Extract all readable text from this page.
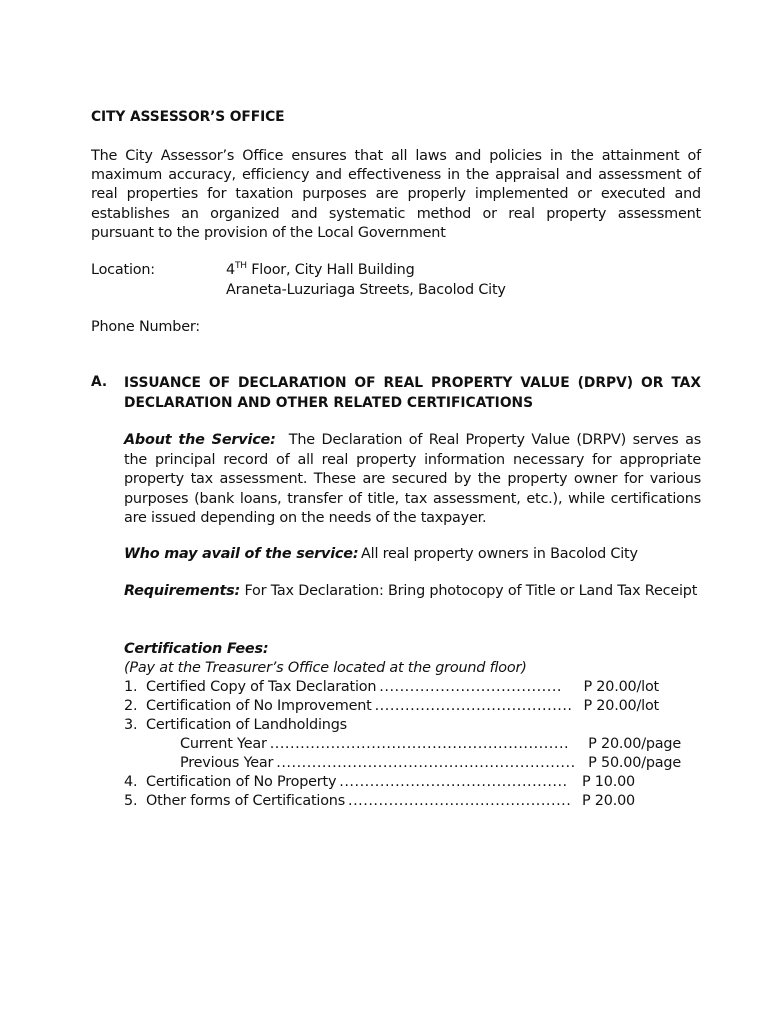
CITY ASSESSOR’S OFFICE
The City Assessor’s Office ensures that all laws and policies in the attainment of maximum accuracy, efficiency and effectiveness in the appraisal and assessment of real properties for taxation purposes are properly implemented or executed and establishes an organized and systematic method or real property assessment pursuant to the provision of the Local Government
Location:	4TH Floor, City Hall Building
Araneta-Luzuriaga Streets, Bacolod City
Phone Number:
A. ISSUANCE OF DECLARATION OF REAL PROPERTY VALUE (DRPV) OR TAX DECLARATION AND OTHER RELATED CERTIFICATIONS
About the Service: The Declaration of Real Property Value (DRPV) serves as the principal record of all real property information necessary for appropriate property tax assessment. These are secured by the property owner for various purposes (bank loans, transfer of title, tax assessment, etc.), while certifications are issued depending on the needs of the taxpayer.
Who may avail of the service: All real property owners in Bacolod City
Requirements: For Tax Declaration: Bring photocopy of Title or Land Tax Receipt
Certification Fees:
(Pay at the Treasurer’s Office located at the ground floor)
1. Certified Copy of Tax Declaration ....................................	P 20.00/lot
2. Certification of No Improvement ....................................... P 20.00/lot
3. Certification of Landholdings
Current Year ...........................................................	P 20.00/page
Previous Year ........................................................... P 50.00/page
4. Certification of No Property ............................................. P 10.00
5. Other forms of Certifications ............................................ P 20.00
